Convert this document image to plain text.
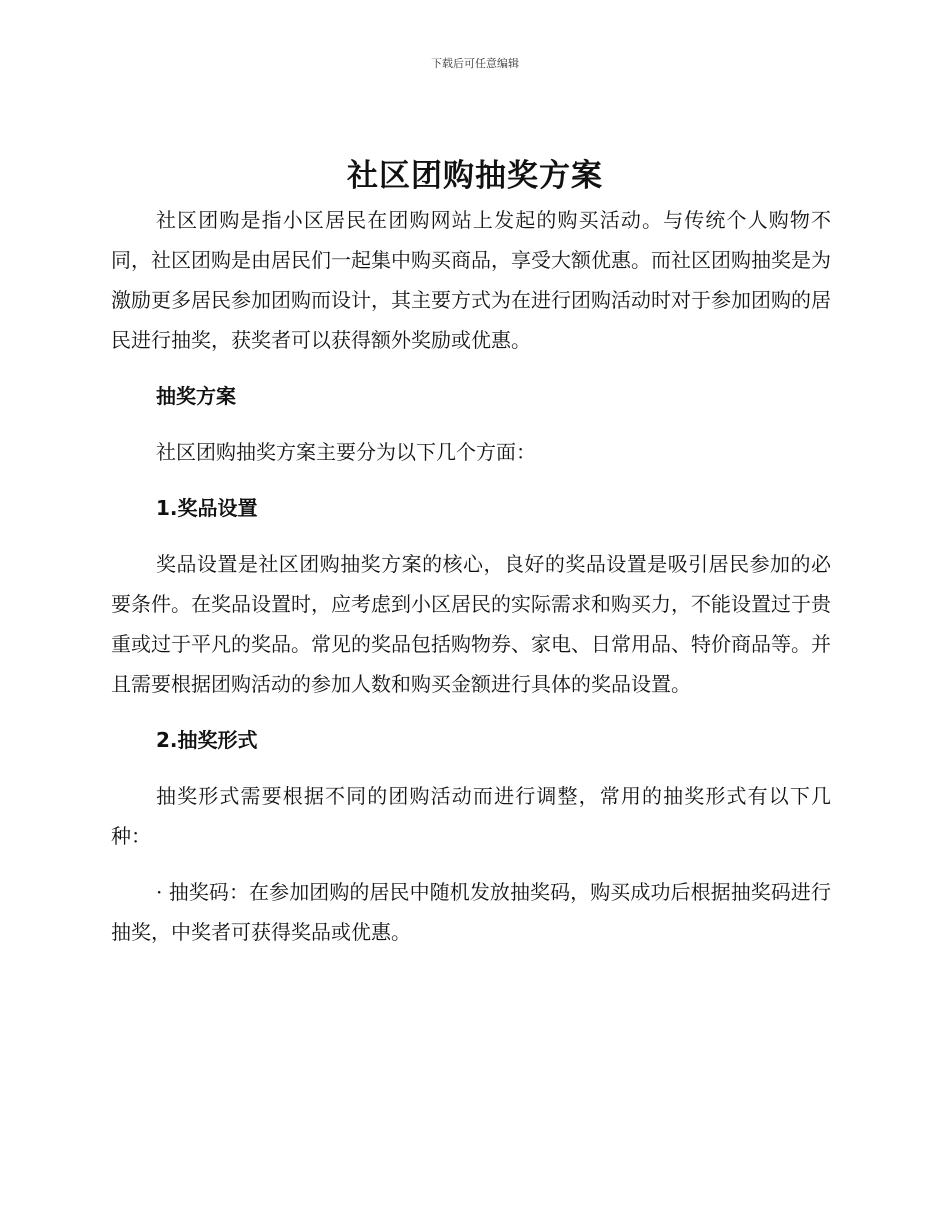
下载后可任意编辑
社区团购抽奖方案

社区团购是指小区居民在团购网站上发起的购买活动。与传统个人购物不同，社区团购是由居民们一起集中购买商品，享受大额优惠。而社区团购抽奖是为激励更多居民参加团购而设计，其主要方式为在进行团购活动时对于参加团购的居民进行抽奖，获奖者可以获得额外奖励或优惠。

抽奖方案

社区团购抽奖方案主要分为以下几个方面：

1.奖品设置

奖品设置是社区团购抽奖方案的核心，良好的奖品设置是吸引居民参加的必要条件。在奖品设置时，应考虑到小区居民的实际需求和购买力，不能设置过于贵重或过于平凡的奖品。常见的奖品包括购物券、家电、日常用品、特价商品等。并且需要根据团购活动的参加人数和购买金额进行具体的奖品设置。

2.抽奖形式

抽奖形式需要根据不同的团购活动而进行调整，常用的抽奖形式有以下几种：

· 抽奖码：在参加团购的居民中随机发放抽奖码，购买成功后根据抽奖码进行抽奖，中奖者可获得奖品或优惠。
